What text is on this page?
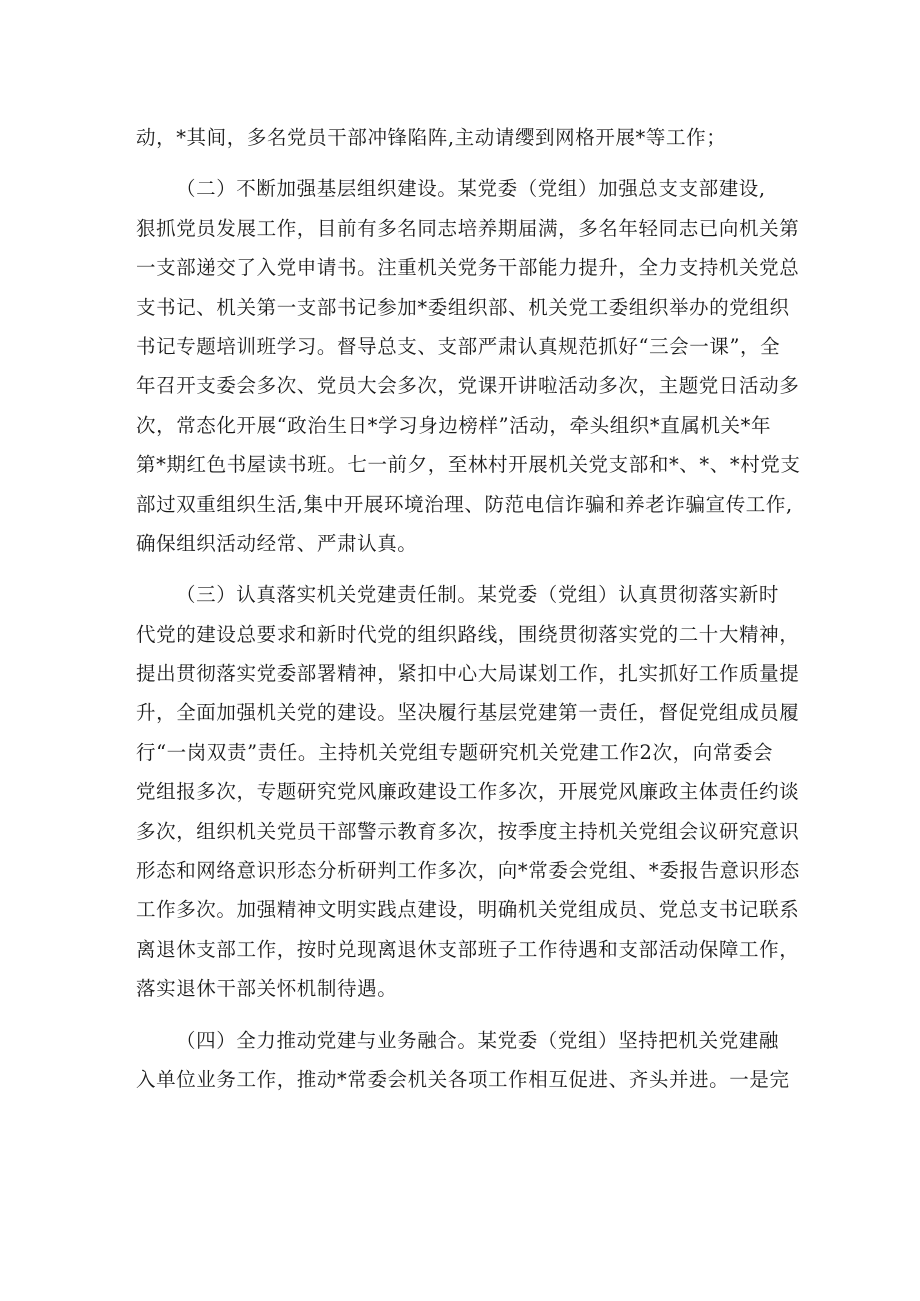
动，*其间，多名党员干部冲锋陷阵,主动请缨到网格开展*等工作；
（二）不断加强基层组织建设。某党委（党组）加强总支支部建设,
狠抓党员发展工作，目前有多名同志培养期届满，多名年轻同志已向机关第
一支部递交了入党申请书。注重机关党务干部能力提升，全力支持机关党总
支书记、机关第一支部书记参加*委组织部、机关党工委组织举办的党组织
书记专题培训班学习。督导总支、支部严肃认真规范抓好“三会一课”，全
年召开支委会多次、党员大会多次，党课开讲啦活动多次，主题党日活动多
次，常态化开展“政治生日*学习身边榜样”活动，牵头组织*直属机关*年
第*期红色书屋读书班。七一前夕，至林村开展机关党支部和*、*、*村党支
部过双重组织生活,集中开展环境治理、防范电信诈骗和养老诈骗宣传工作,
确保组织活动经常、严肃认真。
（三）认真落实机关党建责任制。某党委（党组）认真贯彻落实新时
代党的建设总要求和新时代党的组织路线，围绕贯彻落实党的二十大精神，
提出贯彻落实党委部署精神，紧扣中心大局谋划工作，扎实抓好工作质量提
升，全面加强机关党的建设。坚决履行基层党建第一责任，督促党组成员履
行“一岗双责”责任。主持机关党组专题研究机关党建工作2次，向常委会
党组报多次，专题研究党风廉政建设工作多次，开展党风廉政主体责任约谈
多次，组织机关党员干部警示教育多次，按季度主持机关党组会议研究意识
形态和网络意识形态分析研判工作多次，向*常委会党组、*委报告意识形态
工作多次。加强精神文明实践点建设，明确机关党组成员、党总支书记联系
离退休支部工作，按时兑现离退休支部班子工作待遇和支部活动保障工作，
落实退休干部关怀机制待遇。
（四）全力推动党建与业务融合。某党委（党组）坚持把机关党建融
入单位业务工作，推动*常委会机关各项工作相互促进、齐头并进。一是完
